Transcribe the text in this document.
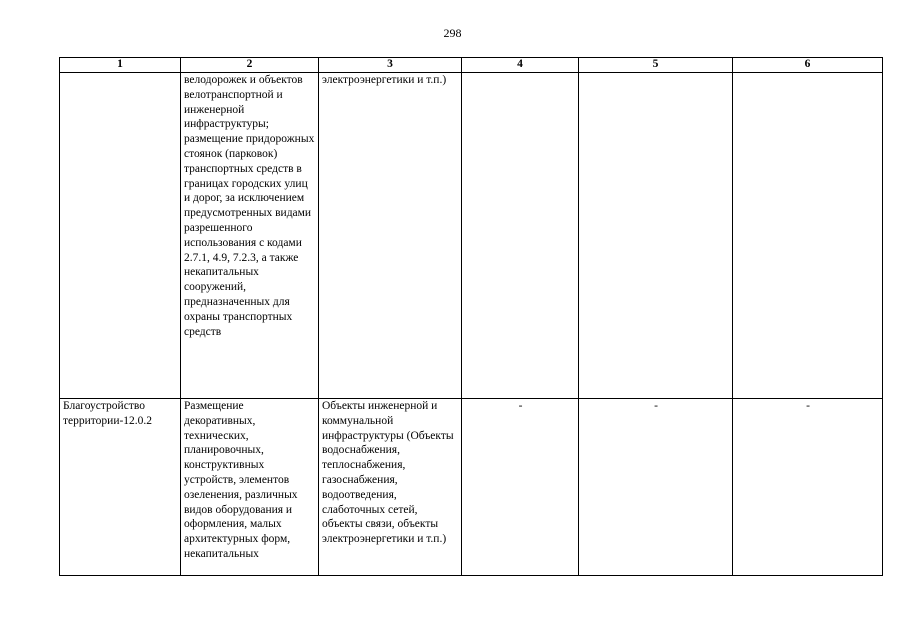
298
1	2	3	4	5	6
	велодорожек и объектов велотранспортной и инженерной инфраструктуры; размещение придорожных стоянок (парковок) транспортных средств в границах городских улиц и дорог, за исключением предусмотренных видами разрешенного использования с кодами 2.7.1, 4.9, 7.2.3, а также некапитальных сооружений, предназначенных для охраны транспортных средств	электроэнергетики и т.п.)			
Благоустройство территории-12.0.2	Размещение декоративных, технических, планировочных, конструктивных устройств, элементов озеленения, различных видов оборудования и оформления, малых архитектурных форм, некапитальных	Объекты инженерной и коммунальной инфраструктуры (Объекты водоснабжения, теплоснабжения, газоснабжения, водоотведения, слаботочных сетей, объекты связи, объекты электроэнергетики и т.п.)	-	-	-
